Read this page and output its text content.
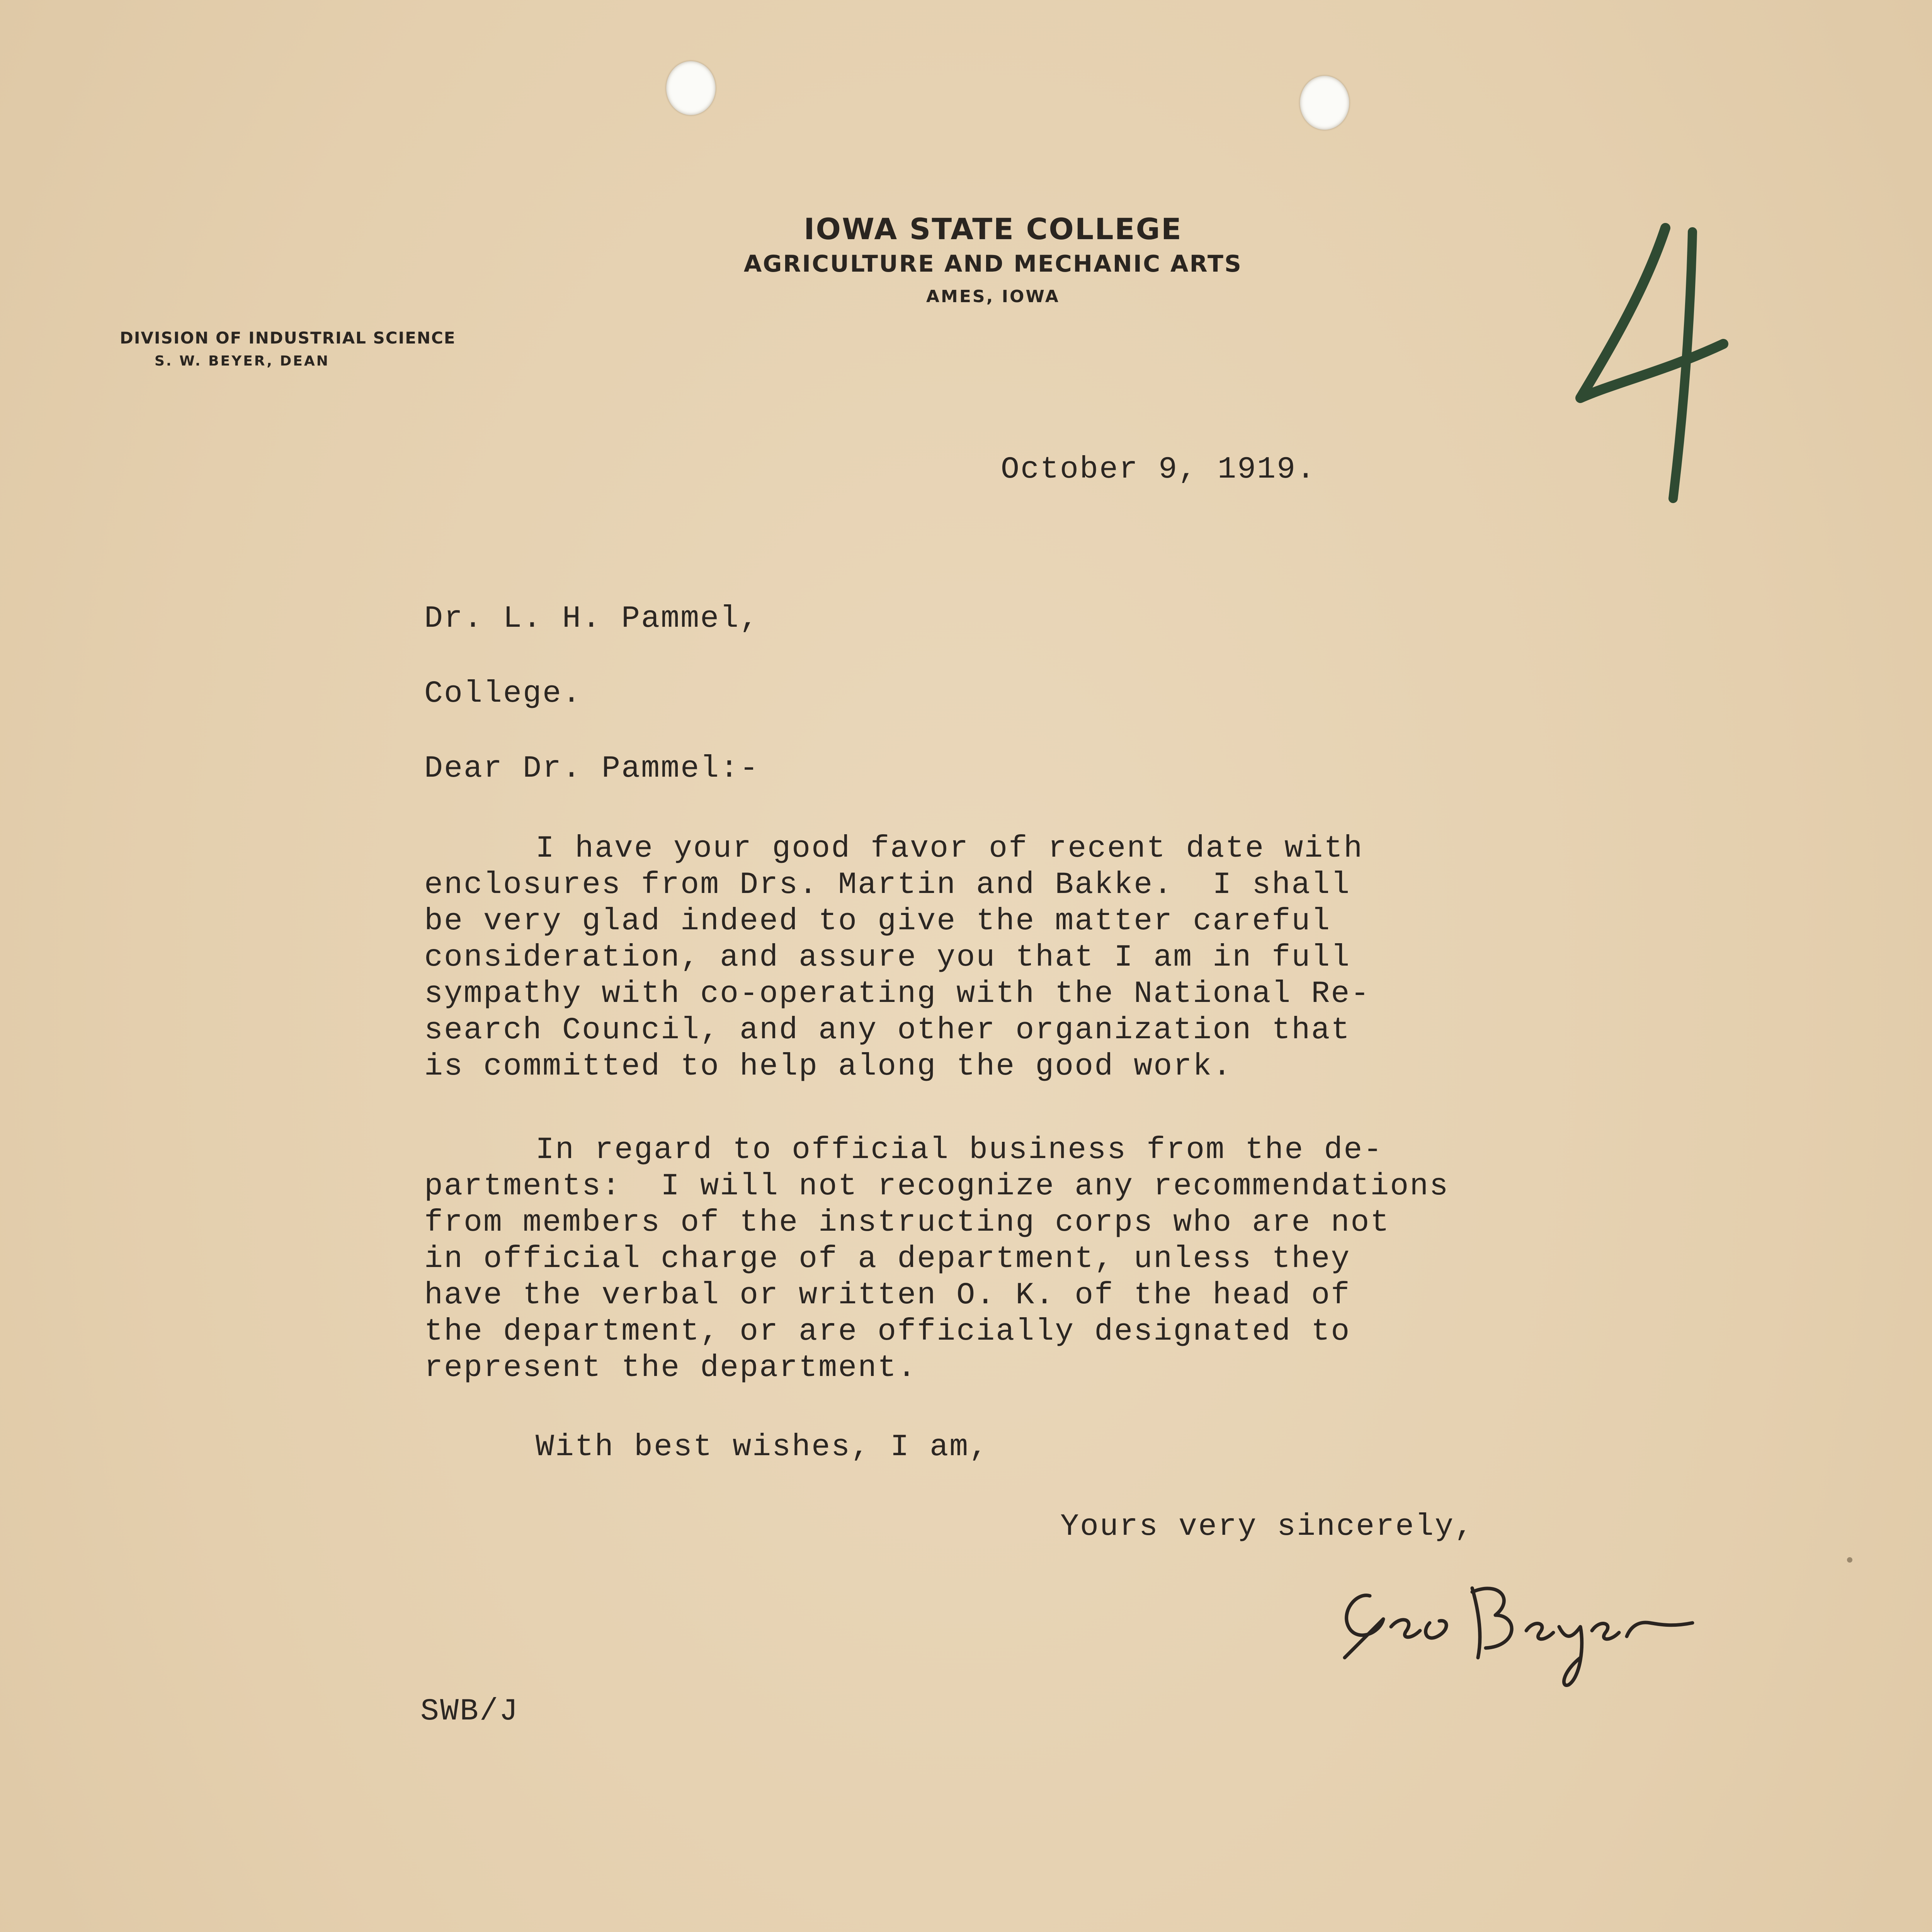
IOWA STATE COLLEGE
AGRICULTURE AND MECHANIC ARTS
AMES, IOWA
DIVISION OF INDUSTRIAL SCIENCE
S. W. BEYER, DEAN
October 9, 1919.
Dr. L. H. Pammel,
College.
Dear Dr. Pammel:-
I have your good favor of recent date with
enclosures from Drs. Martin and Bakke.  I shall
be very glad indeed to give the matter careful
consideration, and assure you that I am in full
sympathy with co-operating with the National Re-
search Council, and any other organization that
is committed to help along the good work.
In regard to official business from the de-
partments:  I will not recognize any recommendations
from members of the instructing corps who are not
in official charge of a department, unless they
have the verbal or written O. K. of the head of
the department, or are officially designated to
represent the department.
With best wishes, I am,
Yours very sincerely,
SWB/J
